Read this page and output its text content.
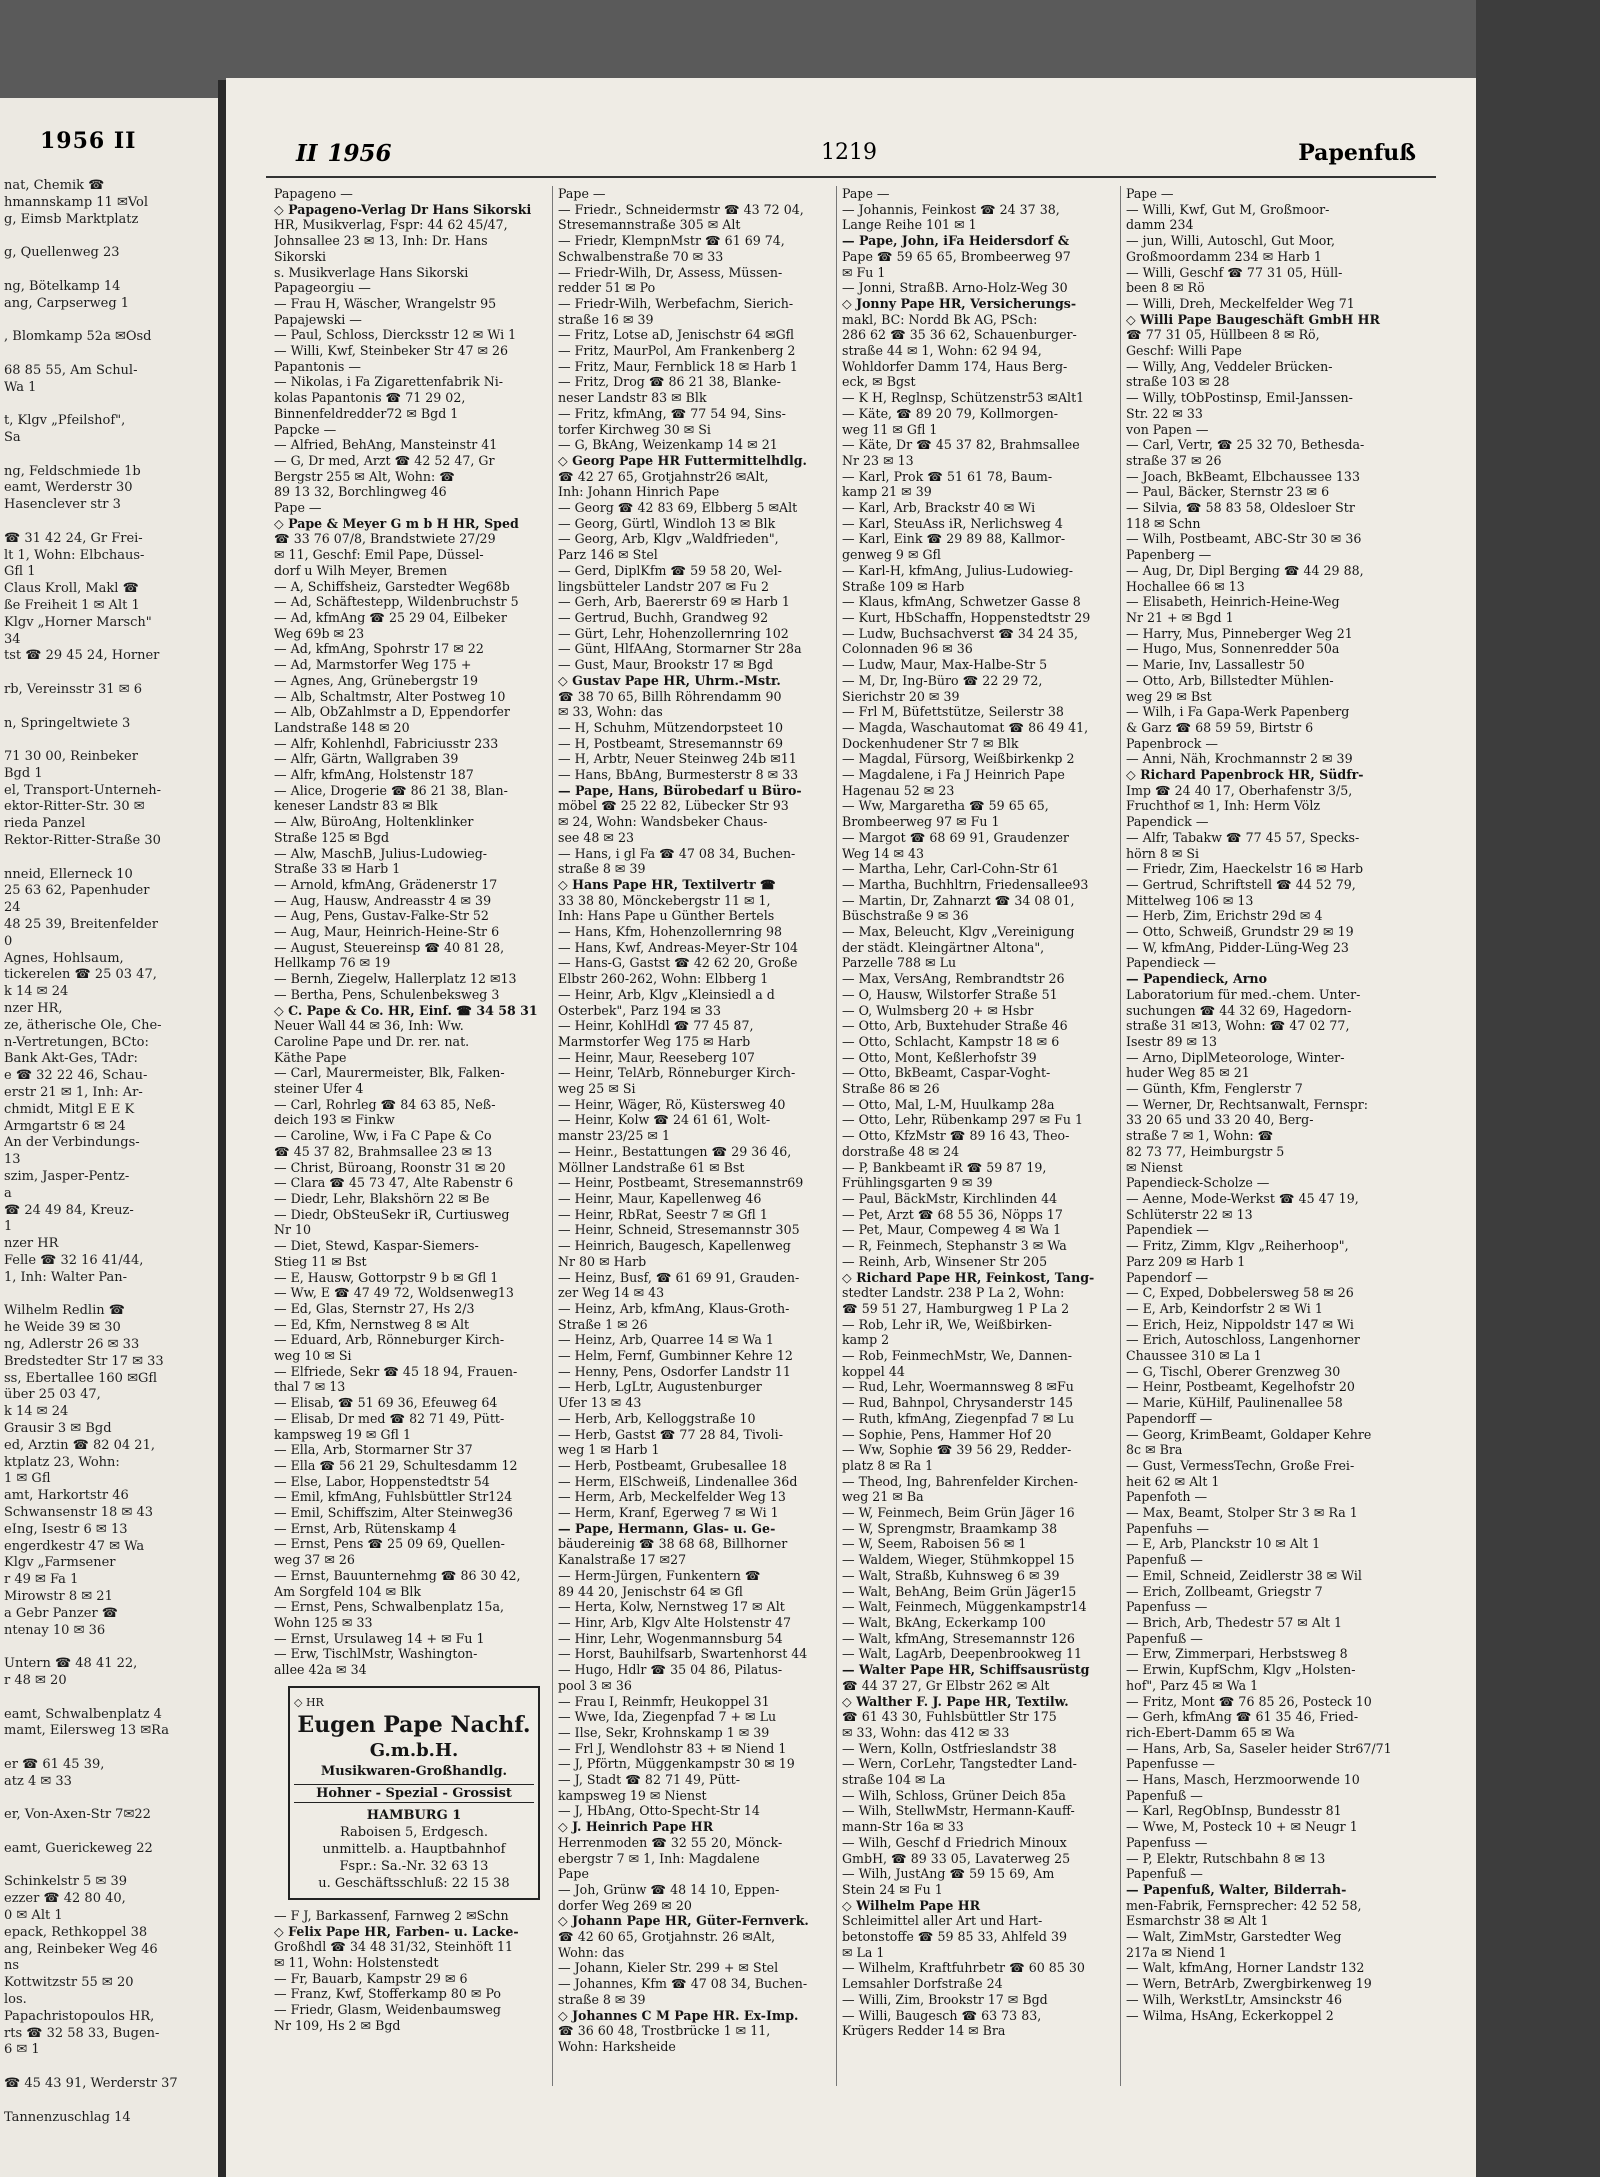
1956 II
nat, Chemik ☎
hmannskamp 11 ✉Vol
g, Eimsb Marktplatz

g, Quellenweg 23

ng, Bötelkamp 14
ang, Carpserweg 1

, Blomkamp 52a ✉Osd

68 85 55, Am Schul-
Wa 1

t, Klgv „Pfeilshof",
Sa

ng, Feldschmiede 1b
eamt, Werderstr 30
Hasenclever str 3

☎ 31 42 24, Gr Frei-
lt 1, Wohn: Elbchaus-
Gfl 1
Claus Kroll, Makl ☎
ße Freiheit 1 ✉ Alt 1
Klgv „Horner Marsch"
34
tst ☎ 29 45 24, Horner

rb, Vereinsstr 31 ✉ 6

n, Springeltwiete 3

71 30 00, Reinbeker
Bgd 1
el, Transport-Unterneh-
ektor-Ritter-Str. 30 ✉
rieda Panzel
Rektor-Ritter-Straße 30

nneid, Ellerneck 10
25 63 62, Papenhuder
24
48 25 39, Breitenfelder
0
Agnes, Hohlsaum,
tickerelen ☎ 25 03 47,
k 14 ✉ 24
nzer HR,
ze, ätherische Öle, Che-
n-Vertretungen, BCto:
Bank Akt-Ges, TAdr:
e ☎ 32 22 46, Schau-
erstr 21 ✉ 1, Inh: Ar-
chmidt, Mitgl E E K
Armgartstr 6 ✉ 24
An der Verbindungs-
13
szim, Jasper-Pentz-
a
☎ 24 49 84, Kreuz-
1
nzer HR
Felle ☎ 32 16 41/44,
1, Inh: Walter Pan-

Wilhelm Redlin ☎
he Weide 39 ✉ 30
ng, Adlerstr 26 ✉ 33
Bredstedter Str 17 ✉ 33
ss, Ebertallee 160 ✉Gfl
über 25 03 47,
k 14 ✉ 24
Grausir 3 ✉ Bgd
ed, Arztin ☎ 82 04 21,
ktplatz 23, Wohn:
1 ✉ Gfl
amt, Harkortstr 46
Schwansenstr 18 ✉ 43
eIng, Isestr 6 ✉ 13
engerdkestr 47 ✉ Wa
Klgv „Farmsener
r 49 ✉ Fa 1
Mirowstr 8 ✉ 21
a Gebr Panzer ☎
ntenay 10 ✉ 36

Untern ☎ 48 41 22,
r 48 ✉ 20

eamt, Schwalbenplatz 4
mamt, Eilersweg 13 ✉Ra

er ☎ 61 45 39,
atz 4 ✉ 33

er, Von-Axen-Str 7✉22

eamt, Guerickeweg 22

Schinkelstr 5 ✉ 39
ezzer ☎ 42 80 40,
0 ✉ Alt 1
epack, Rethkoppel 38
ang, Reinbeker Weg 46
ns
Kottwitzstr 55 ✉ 20
los.
Papachristopoulos HR,
rts ☎ 32 58 33, Bugen-
6 ✉ 1

☎ 45 43 91, Werderstr 37

Tannenzuschlag 14
II 1956	1219	Papenfuß
Papageno —
◇ Papageno-Verlag Dr Hans Sikorski
HR, Musikverlag, Fspr: 44 62 45/47,
Johnsallee 23 ✉ 13, Inh: Dr. Hans
Sikorski
s. Musikverlage Hans Sikorski
Papageorgiu —
— Frau H, Wäscher, Wrangelstr 95
Papajewski —
— Paul, Schloss, Diercksstr 12 ✉ Wi 1
— Willi, Kwf, Steinbeker Str 47 ✉ 26
Papantonis —
— Nikolas, i Fa Zigarettenfabrik Ni-
kolas Papantonis ☎ 71 29 02,
Binnenfeldredder72 ✉ Bgd 1
Papcke —
— Alfried, BehAng, Mansteinstr 41
— G, Dr med, Arzt ☎ 42 52 47, Gr
Bergstr 255 ✉ Alt, Wohn: ☎
89 13 32, Borchlingweg 46
Pape —
◇ Pape & Meyer G m b H HR, Sped
☎ 33 76 07/8, Brandstwiete 27/29
✉ 11, Geschf: Emil Pape, Düssel-
dorf u Wilh Meyer, Bremen
— A, Schiffsheiz, Garstedter Weg68b
— Ad, Schäftestepp, Wildenbruchstr 5
— Ad, kfmAng ☎ 25 29 04, Eilbeker
Weg 69b ✉ 23
— Ad, kfmAng, Spohrstr 17 ✉ 22
— Ad, Marmstorfer Weg 175 +
— Agnes, Ang, Grünebergstr 19
— Alb, Schaltmstr, Alter Postweg 10
— Alb, ObZahlmstr a D, Eppendorfer
Landstraße 148 ✉ 20
— Alfr, Kohlenhdl, Fabriciusstr 233
— Alfr, Gärtn, Wallgraben 39
— Alfr, kfmAng, Holstenstr 187
— Alice, Drogerie ☎ 86 21 38, Blan-
keneser Landstr 83 ✉ Blk
— Alw, BüroAng, Holtenklinker
Straße 125 ✉ Bgd
— Alw, MaschB, Julius-Ludowieg-
Straße 33 ✉ Harb 1
— Arnold, kfmAng, Grädenerstr 17
— Aug, Hausw, Andreasstr 4 ✉ 39
— Aug, Pens, Gustav-Falke-Str 52
— Aug, Maur, Heinrich-Heine-Str 6
— August, Steuereinsp ☎ 40 81 28,
Hellkamp 76 ✉ 19
— Bernh, Ziegelw, Hallerplatz 12 ✉13
— Bertha, Pens, Schulenbeksweg 3
◇ C. Pape & Co. HR, Einf. ☎ 34 58 31
Neuer Wall 44 ✉ 36, Inh: Ww.
Caroline Pape und Dr. rer. nat.
Käthe Pape
— Carl, Maurermeister, Blk, Falken-
steiner Ufer 4
— Carl, Rohrleg ☎ 84 63 85, Neß-
deich 193 ✉ Finkw
— Caroline, Ww, i Fa C Pape & Co
☎ 45 37 82, Brahmsallee 23 ✉ 13
— Christ, Büroang, Roonstr 31 ✉ 20
— Clara ☎ 45 73 47, Alte Rabenstr 6
— Diedr, Lehr, Blakshörn 22 ✉ Be
— Diedr, ObSteuSekr iR, Curtiusweg
Nr 10
— Diet, Stewd, Kaspar-Siemers-
Stieg 11 ✉ Bst
— E, Hausw, Gottorpstr 9 b ✉ Gfl 1
— Ww, E ☎ 47 49 72, Woldsenweg13
— Ed, Glas, Sternstr 27, Hs 2/3
— Ed, Kfm, Nernstweg 8 ✉ Alt
— Eduard, Arb, Rönneburger Kirch-
weg 10 ✉ Si
— Elfriede, Sekr ☎ 45 18 94, Frauen-
thal 7 ✉ 13
— Elisab, ☎ 51 69 36, Efeuweg 64
— Elisab, Dr med ☎ 82 71 49, Pütt-
kampsweg 19 ✉ Gfl 1
— Ella, Arb, Stormarner Str 37
— Ella ☎ 56 21 29, Schultesdamm 12
— Else, Labor, Hoppenstedtstr 54
— Emil, kfmAng, Fuhlsbüttler Str124
— Emil, Schiffszim, Alter Steinweg36
— Ernst, Arb, Rütenskamp 4
— Ernst, Pens ☎ 25 09 69, Quellen-
weg 37 ✉ 26
— Ernst, Bauunternehmg ☎ 86 30 42,
Am Sorgfeld 104 ✉ Blk
— Ernst, Pens, Schwalbenplatz 15a,
Wohn 125 ✉ 33
— Ernst, Ursulaweg 14 + ✉ Fu 1
— Erw, TischlMstr, Washington-
allee 42a ✉ 34
◇ HR
Eugen Pape Nachf.
G.m.b.H.
Musikwaren-Großhandlg.
Hohner - Spezial - Grossist
HAMBURG 1
Raboisen 5, Erdgesch.
unmittelb. a. Hauptbahnhof
Fspr.: Sa.-Nr. 32 63 13
u. Geschäftsschluß: 22 15 38
— F J, Barkassenf, Farnweg 2 ✉Schn
◇ Felix Pape HR, Farben- u. Lacke-
Großhdl ☎ 34 48 31/32, Steinhöft 11
✉ 11, Wohn: Holstenstedt
— Fr, Bauarb, Kampstr 29 ✉ 6
— Franz, Kwf, Stofferkamp 80 ✉ Po
— Friedr, Glasm, Weidenbaumsweg
Nr 109, Hs 2 ✉ Bgd
Pape —
— Friedr., Schneidermstr ☎ 43 72 04,
Stresemannstraße 305 ✉ Alt
— Friedr, KlempnMstr ☎ 61 69 74,
Schwalbenstraße 70 ✉ 33
— Friedr-Wilh, Dr, Assess, Müssen-
redder 51 ✉ Po
— Friedr-Wilh, Werbefachm, Sierich-
straße 16 ✉ 39
— Fritz, Lotse aD, Jenischstr 64 ✉Gfl
— Fritz, MaurPol, Am Frankenberg 2
— Fritz, Maur, Fernblick 18 ✉ Harb 1
— Fritz, Drog ☎ 86 21 38, Blanke-
neser Landstr 83 ✉ Blk
— Fritz, kfmAng, ☎ 77 54 94, Sins-
torfer Kirchweg 30 ✉ Si
— G, BkAng, Weizenkamp 14 ✉ 21
◇ Georg Pape HR Futtermittelhdlg.
☎ 42 27 65, Grotjahnstr26 ✉Alt,
Inh: Johann Hinrich Pape
— Georg ☎ 42 83 69, Elbberg 5 ✉Alt
— Georg, Gürtl, Windloh 13 ✉ Blk
— Georg, Arb, Klgv „Waldfrieden",
Parz 146 ✉ Stel
— Gerd, DiplKfm ☎ 59 58 20, Wel-
lingsbütteler Landstr 207 ✉ Fu 2
— Gerh, Arb, Baererstr 69 ✉ Harb 1
— Gertrud, Buchh, Grandweg 92
— Gürt, Lehr, Hohenzollernring 102
— Günt, HlfAAng, Stormarner Str 28a
— Gust, Maur, Brookstr 17 ✉ Bgd
◇ Gustav Pape HR, Uhrm.-Mstr.
☎ 38 70 65, Billh Röhrendamm 90
✉ 33, Wohn: das
— H, Schuhm, Mützendorpsteet 10
— H, Postbeamt, Stresemannstr 69
— H, Arbtr, Neuer Steinweg 24b ✉11
— Hans, BbAng, Burmesterstr 8 ✉ 33
— Pape, Hans, Bürobedarf u Büro-
möbel ☎ 25 22 82, Lübecker Str 93
✉ 24, Wohn: Wandsbeker Chaus-
see 48 ✉ 23
— Hans, i gl Fa ☎ 47 08 34, Buchen-
straße 8 ✉ 39
◇ Hans Pape HR, Textilvertr ☎
33 38 80, Mönckebergstr 11 ✉ 1,
Inh: Hans Pape u Günther Bertels
— Hans, Kfm, Hohenzollernring 98
— Hans, Kwf, Andreas-Meyer-Str 104
— Hans-G, Gastst ☎ 42 62 20, Große
Elbstr 260-262, Wohn: Elbberg 1
— Heinr, Arb, Klgv „Kleinsiedl a d
Osterbek", Parz 194 ✉ 33
— Heinr, KohlHdl ☎ 77 45 87,
Marmstorfer Weg 175 ✉ Harb
— Heinr, Maur, Reeseberg 107
— Heinr, TelArb, Rönneburger Kirch-
weg 25 ✉ Si
— Heinr, Wäger, Rö, Küstersweg 40
— Heinr, Kolw ☎ 24 61 61, Wolt-
manstr 23/25 ✉ 1
— Heinr., Bestattungen ☎ 29 36 46,
Möllner Landstraße 61 ✉ Bst
— Heinr, Postbeamt, Stresemannstr69
— Heinr, Maur, Kapellenweg 46
— Heinr, RbRat, Seestr 7 ✉ Gfl 1
— Heinr, Schneid, Stresemannstr 305
— Heinrich, Baugesch, Kapellenweg
Nr 80 ✉ Harb
— Heinz, Busf, ☎ 61 69 91, Grauden-
zer Weg 14 ✉ 43
— Heinz, Arb, kfmAng, Klaus-Groth-
Straße 1 ✉ 26
— Heinz, Arb, Quarree 14 ✉ Wa 1
— Helm, Fernf, Gumbinner Kehre 12
— Henny, Pens, Osdorfer Landstr 11
— Herb, LgLtr, Augustenburger
Ufer 13 ✉ 43
— Herb, Arb, Kelloggstraße 10
— Herb, Gastst ☎ 77 28 84, Tivoli-
weg 1 ✉ Harb 1
— Herb, Postbeamt, Grubesallee 18
— Herm, ElSchweiß, Lindenallee 36d
— Herm, Arb, Meckelfelder Weg 13
— Herm, Kranf, Egerweg 7 ✉ Wi 1
— Pape, Hermann, Glas- u. Ge-
bäudereinig ☎ 38 68 68, Billhorner
Kanalstraße 17 ✉27
— Herm-Jürgen, Funkentern ☎
89 44 20, Jenischstr 64 ✉ Gfl
— Herta, Kolw, Nernstweg 17 ✉ Alt
— Hinr, Arb, Klgv Alte Holstenstr 47
— Hinr, Lehr, Wogenmannsburg 54
— Horst, Bauhilfsarb, Swartenhorst 44
— Hugo, Hdlr ☎ 35 04 86, Pilatus-
pool 3 ✉ 36
— Frau I, Reinmfr, Heukoppel 31
— Wwe, Ida, Ziegenpfad 7 + ✉ Lu
— Ilse, Sekr, Krohnskamp 1 ✉ 39
— Frl J, Wendlohstr 83 + ✉ Niend 1
— J, Pförtn, Müggenkampstr 30 ✉ 19
— J, Stadt ☎ 82 71 49, Pütt-
kampsweg 19 ✉ Nienst
— J, HbAng, Otto-Specht-Str 14
◇ J. Heinrich Pape HR
Herrenmoden ☎ 32 55 20, Mönck-
ebergstr 7 ✉ 1, Inh: Magdalene
Pape
— Joh, Grünw ☎ 48 14 10, Eppen-
dorfer Weg 269 ✉ 20
◇ Johann Pape HR, Güter-Fernverk.
☎ 42 60 65, Grotjahnstr. 26 ✉Alt,
Wohn: das
— Johann, Kieler Str. 299 + ✉ Stel
— Johannes, Kfm ☎ 47 08 34, Buchen-
straße 8 ✉ 39
◇ Johannes C M Pape HR. Ex-Imp.
☎ 36 60 48, Trostbrücke 1 ✉ 11,
Wohn: Harksheide
Pape —
— Johannis, Feinkost ☎ 24 37 38,
Lange Reihe 101 ✉ 1
— Pape, John, iFa Heidersdorf &
Pape ☎ 59 65 65, Brombeerweg 97
✉ Fu 1
— Jonni, StraßB. Arno-Holz-Weg 30
◇ Jonny Pape HR, Versicherungs-
makl, BC: Nordd Bk AG, PSch:
286 62 ☎ 35 36 62, Schauenburger-
straße 44 ✉ 1, Wohn: 62 94 94,
Wohldorfer Damm 174, Haus Berg-
eck, ✉ Bgst
— K H, Reglnsp, Schützenstr53 ✉Alt1
— Käte, ☎ 89 20 79, Kollmorgen-
weg 11 ✉ Gfl 1
— Käte, Dr ☎ 45 37 82, Brahmsallee
Nr 23 ✉ 13
— Karl, Prok ☎ 51 61 78, Baum-
kamp 21 ✉ 39
— Karl, Arb, Brackstr 40 ✉ Wi
— Karl, SteuAss iR, Nerlichsweg 4
— Karl, Eink ☎ 29 89 88, Kallmor-
genweg 9 ✉ Gfl
— Karl-H, kfmAng, Julius-Ludowieg-
Straße 109 ✉ Harb
— Klaus, kfmAng, Schwetzer Gasse 8
— Kurt, HbSchaffn, Hoppenstedtstr 29
— Ludw, Buchsachverst ☎ 34 24 35,
Colonnaden 96 ✉ 36
— Ludw, Maur, Max-Halbe-Str 5
— M, Dr, Ing-Büro ☎ 22 29 72,
Sierichstr 20 ✉ 39
— Frl M, Büfettstütze, Seilerstr 38
— Magda, Waschautomat ☎ 86 49 41,
Dockenhudener Str 7 ✉ Blk
— Magdal, Fürsorg, Weißbirkenkp 2
— Magdalene, i Fa J Heinrich Pape
Hagenau 52 ✉ 23
— Ww, Margaretha ☎ 59 65 65,
Brombeerweg 97 ✉ Fu 1
— Margot ☎ 68 69 91, Graudenzer
Weg 14 ✉ 43
— Martha, Lehr, Carl-Cohn-Str 61
— Martha, Buchhltrn, Friedensallee93
— Martin, Dr, Zahnarzt ☎ 34 08 01,
Büschstraße 9 ✉ 36
— Max, Beleucht, Klgv „Vereinigung
der städt. Kleingärtner Altona",
Parzelle 788 ✉ Lu
— Max, VersAng, Rembrandtstr 26
— O, Hausw, Wilstorfer Straße 51
— O, Wulmsberg 20 + ✉ Hsbr
— Otto, Arb, Buxtehuder Straße 46
— Otto, Schlacht, Kampstr 18 ✉ 6
— Otto, Mont, Keßlerhofstr 39
— Otto, BkBeamt, Caspar-Voght-
Straße 86 ✉ 26
— Otto, Mal, L-M, Huulkamp 28a
— Otto, Lehr, Rübenkamp 297 ✉ Fu 1
— Otto, KfzMstr ☎ 89 16 43, Theo-
dorstraße 48 ✉ 24
— P, Bankbeamt iR ☎ 59 87 19,
Frühlingsgarten 9 ✉ 39
— Paul, BäckMstr, Kirchlinden 44
— Pet, Arzt ☎ 68 55 36, Nöpps 17
— Pet, Maur, Compeweg 4 ✉ Wa 1
— R, Feinmech, Stephanstr 3 ✉ Wa
— Reinh, Arb, Winsener Str 205
◇ Richard Pape HR, Feinkost, Tang-
stedter Landstr. 238 P La 2, Wohn:
☎ 59 51 27, Hamburgweg 1 P La 2
— Rob, Lehr iR, We, Weißbirken-
kamp 2
— Rob, FeinmechMstr, We, Dannen-
koppel 44
— Rud, Lehr, Woermannsweg 8 ✉Fu
— Rud, Bahnpol, Chrysanderstr 145
— Ruth, kfmAng, Ziegenpfad 7 ✉ Lu
— Sophie, Pens, Hammer Hof 20
— Ww, Sophie ☎ 39 56 29, Redder-
platz 8 ✉ Ra 1
— Theod, Ing, Bahrenfelder Kirchen-
weg 21 ✉ Ba
— W, Feinmech, Beim Grün Jäger 16
— W, Sprengmstr, Braamkamp 38
— W, Seem, Raboisen 56 ✉ 1
— Waldem, Wieger, Stühmkoppel 15
— Walt, Straßb, Kuhnsweg 6 ✉ 39
— Walt, BehAng, Beim Grün Jäger15
— Walt, Feinmech, Müggenkampstr14
— Walt, BkAng, Eckerkamp 100
— Walt, kfmAng, Stresemannstr 126
— Walt, LagArb, Deepenbrookweg 11
— Walter Pape HR, Schiffsausrüstg
☎ 44 37 27, Gr Elbstr 262 ✉ Alt
◇ Walther F. J. Pape HR, Textilw.
☎ 61 43 30, Fuhlsbüttler Str 175
✉ 33, Wohn: das 412 ✉ 33
— Wern, Kolln, Ostfrieslandstr 38
— Wern, CorLehr, Tangstedter Land-
straße 104 ✉ La
— Wilh, Schloss, Grüner Deich 85a
— Wilh, StellwMstr, Hermann-Kauff-
mann-Str 16a ✉ 33
— Wilh, Geschf d Friedrich Minoux
GmbH, ☎ 89 33 05, Lavaterweg 25
— Wilh, JustAng ☎ 59 15 69, Am
Stein 24 ✉ Fu 1
◇ Wilhelm Pape HR
Schleimittel aller Art und Hart-
betonstoffe ☎ 59 85 33, Ahlfeld 39
✉ La 1
— Wilhelm, Kraftfuhrbetr ☎ 60 85 30
Lemsahler Dorfstraße 24
— Willi, Zim, Brookstr 17 ✉ Bgd
— Willi, Baugesch ☎ 63 73 83,
Krügers Redder 14 ✉ Bra
Pape —
— Willi, Kwf, Gut M, Großmoor-
damm 234
— jun, Willi, Autoschl, Gut Moor,
Großmoordamm 234 ✉ Harb 1
— Willi, Geschf ☎ 77 31 05, Hüll-
been 8 ✉ Rö
— Willi, Dreh, Meckelfelder Weg 71
◇ Willi Pape Baugeschäft GmbH HR
☎ 77 31 05, Hüllbeen 8 ✉ Rö,
Geschf: Willi Pape
— Willy, Ang, Veddeler Brücken-
straße 103 ✉ 28
— Willy, tObPostinsp, Emil-Janssen-
Str. 22 ✉ 33
von Papen —
— Carl, Vertr, ☎ 25 32 70, Bethesda-
straße 37 ✉ 26
— Joach, BkBeamt, Elbchaussee 133
— Paul, Bäcker, Sternstr 23 ✉ 6
— Silvia, ☎ 58 83 58, Oldesloer Str
118 ✉ Schn
— Wilh, Postbeamt, ABC-Str 30 ✉ 36
Papenberg —
— Aug, Dr, Dipl Berging ☎ 44 29 88,
Hochallee 66 ✉ 13
— Elisabeth, Heinrich-Heine-Weg
Nr 21 + ✉ Bgd 1
— Harry, Mus, Pinneberger Weg 21
— Hugo, Mus, Sonnenredder 50a
— Marie, Inv, Lassallestr 50
— Otto, Arb, Billstedter Mühlen-
weg 29 ✉ Bst
— Wilh, i Fa Gapa-Werk Papenberg
& Garz ☎ 68 59 59, Birtstr 6
Papenbrock —
— Anni, Näh, Krochmannstr 2 ✉ 39
◇ Richard Papenbrock HR, Südfr-
Imp ☎ 24 40 17, Oberhafenstr 3/5,
Fruchthof ✉ 1, Inh: Herm Völz
Papendick —
— Alfr, Tabakw ☎ 77 45 57, Specks-
hörn 8 ✉ Si
— Friedr, Zim, Haeckelstr 16 ✉ Harb
— Gertrud, Schriftstell ☎ 44 52 79,
Mittelweg 106 ✉ 13
— Herb, Zim, Erichstr 29d ✉ 4
— Otto, Schweiß, Grundstr 29 ✉ 19
— W, kfmAng, Pidder-Lüng-Weg 23
Papendieck —
— Papendieck, Arno
Laboratorium für med.-chem. Unter-
suchungen ☎ 44 32 69, Hagedorn-
straße 31 ✉13, Wohn: ☎ 47 02 77,
Isestr 89 ✉ 13
— Arno, DiplMeteorologe, Winter-
huder Weg 85 ✉ 21
— Günth, Kfm, Fenglerstr 7
— Werner, Dr, Rechtsanwalt, Fernspr:
33 20 65 und 33 20 40, Berg-
straße 7 ✉ 1, Wohn: ☎
82 73 77, Heimburgstr 5
✉ Nienst
Papendieck-Scholze —
— Aenne, Mode-Werkst ☎ 45 47 19,
Schlüterstr 22 ✉ 13
Papendiek —
— Fritz, Zimm, Klgv „Reiherhoop",
Parz 209 ✉ Harb 1
Papendorf —
— C, Exped, Dobbelersweg 58 ✉ 26
— E, Arb, Keindorfstr 2 ✉ Wi 1
— Erich, Heiz, Nippoldstr 147 ✉ Wi
— Erich, Autoschloss, Langenhorner
Chaussee 310 ✉ La 1
— G, Tischl, Oberer Grenzweg 30
— Heinr, Postbeamt, Kegelhofstr 20
— Marie, KüHilf, Paulinenallee 58
Papendorff —
— Georg, KrimBeamt, Goldaper Kehre
8c ✉ Bra
— Gust, VermessTechn, Große Frei-
heit 62 ✉ Alt 1
Papenfoth —
— Max, Beamt, Stolper Str 3 ✉ Ra 1
Papenfuhs —
— E, Arb, Planckstr 10 ✉ Alt 1
Papenfuß —
— Emil, Schneid, Zeidlerstr 38 ✉ Wil
— Erich, Zollbeamt, Griegstr 7
Papenfuss —
— Brich, Arb, Thedestr 57 ✉ Alt 1
Papenfuß —
— Erw, Zimmerpari, Herbstsweg 8
— Erwin, KupfSchm, Klgv „Holsten-
hof", Parz 45 ✉ Wa 1
— Fritz, Mont ☎ 76 85 26, Posteck 10
— Gerh, kfmAng ☎ 61 35 46, Fried-
rich-Ebert-Damm 65 ✉ Wa
— Hans, Arb, Sa, Saseler heider Str67/71
Papenfusse —
— Hans, Masch, Herzmoorwende 10
Papenfuß —
— Karl, RegObInsp, Bundesstr 81
— Wwe, M, Posteck 10 + ✉ Neugr 1
Papenfuss —
— P, Elektr, Rutschbahn 8 ✉ 13
Papenfuß —
— Papenfuß, Walter, Bilderrah-
men-Fabrik, Fernsprecher: 42 52 58,
Esmarchstr 38 ✉ Alt 1
— Walt, ZimMstr, Garstedter Weg
217a ✉ Niend 1
— Walt, kfmAng, Horner Landstr 132
— Wern, BetrArb, Zwergbirkenweg 19
— Wilh, WerkstLtr, Amsinckstr 46
— Wilma, HsAng, Eckerkoppel 2
